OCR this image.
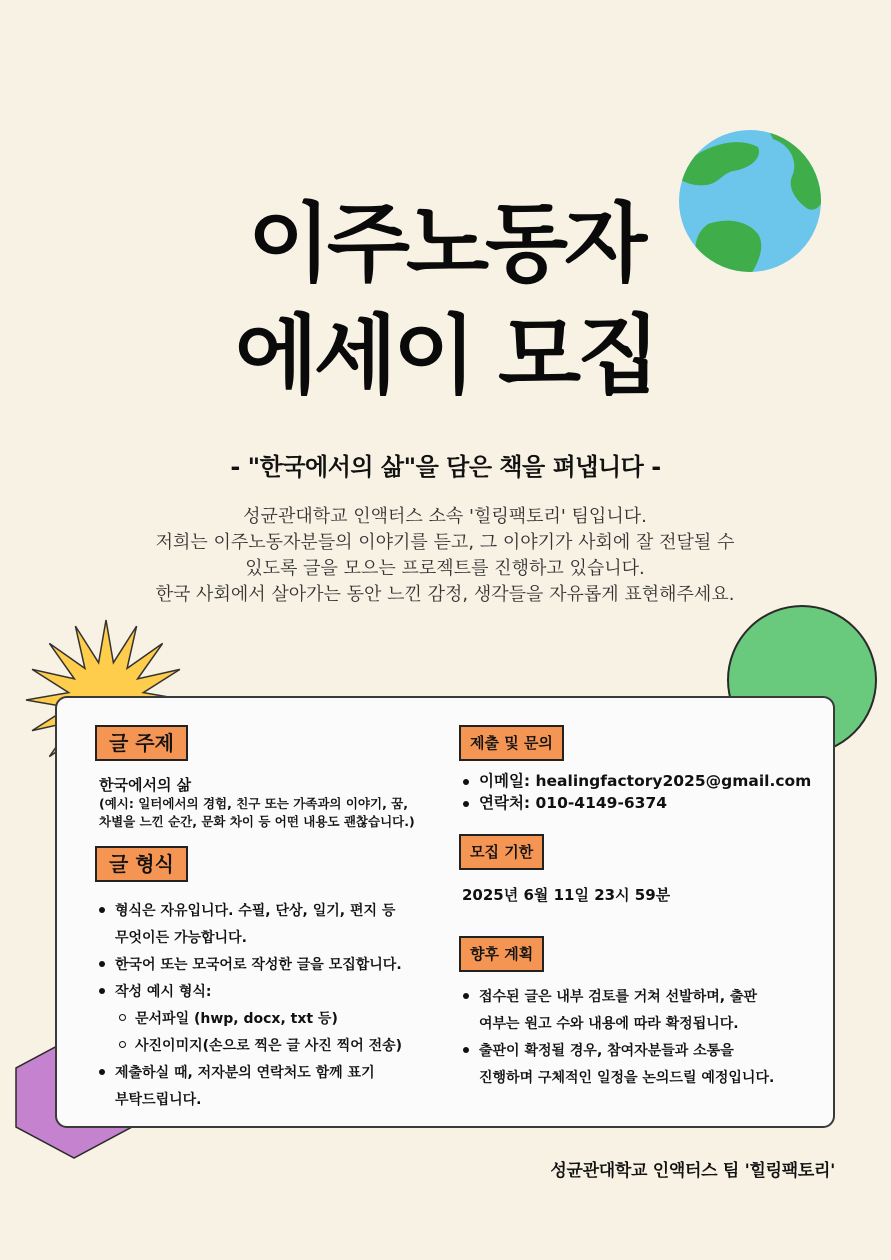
이주노동자
에세이 모집
- "한국에서의 삶"을 담은 책을 펴냅니다 -
성균관대학교 인액터스 소속 '힐링팩토리' 팀입니다.
저희는 이주노동자분들의 이야기를 듣고, 그 이야기가 사회에 잘 전달될 수
있도록 글을 모으는 프로젝트를 진행하고 있습니다.
한국 사회에서 살아가는 동안 느낀 감정, 생각들을 자유롭게 표현해주세요.
글 주제
한국에서의 삶
(예시: 일터에서의 경험, 친구 또는 가족과의 이야기, 꿈,
차별을 느낀 순간, 문화 차이 등 어떤 내용도 괜찮습니다.)
글 형식
형식은 자유입니다. 수필, 단상, 일기, 편지 등
무엇이든 가능합니다.
한국어 또는 모국어로 작성한 글을 모집합니다.
작성 예시 형식:
문서파일 (hwp, docx, txt 등)
사진이미지(손으로 찍은 글 사진 찍어 전송)
제출하실 때, 저자분의 연락처도 함께 표기
부탁드립니다.
제출 및 문의
이메일: healingfactory2025@gmail.com
연락처: 010-4149-6374
모집 기한
2025년 6월 11일 23시 59분
향후 계획
접수된 글은 내부 검토를 거쳐 선발하며, 출판
여부는 원고 수와 내용에 따라 확정됩니다.
출판이 확정될 경우, 참여자분들과 소통을
진행하며 구체적인 일정을 논의드릴 예정입니다.
성균관대학교 인액터스 팀 '힐링팩토리'
